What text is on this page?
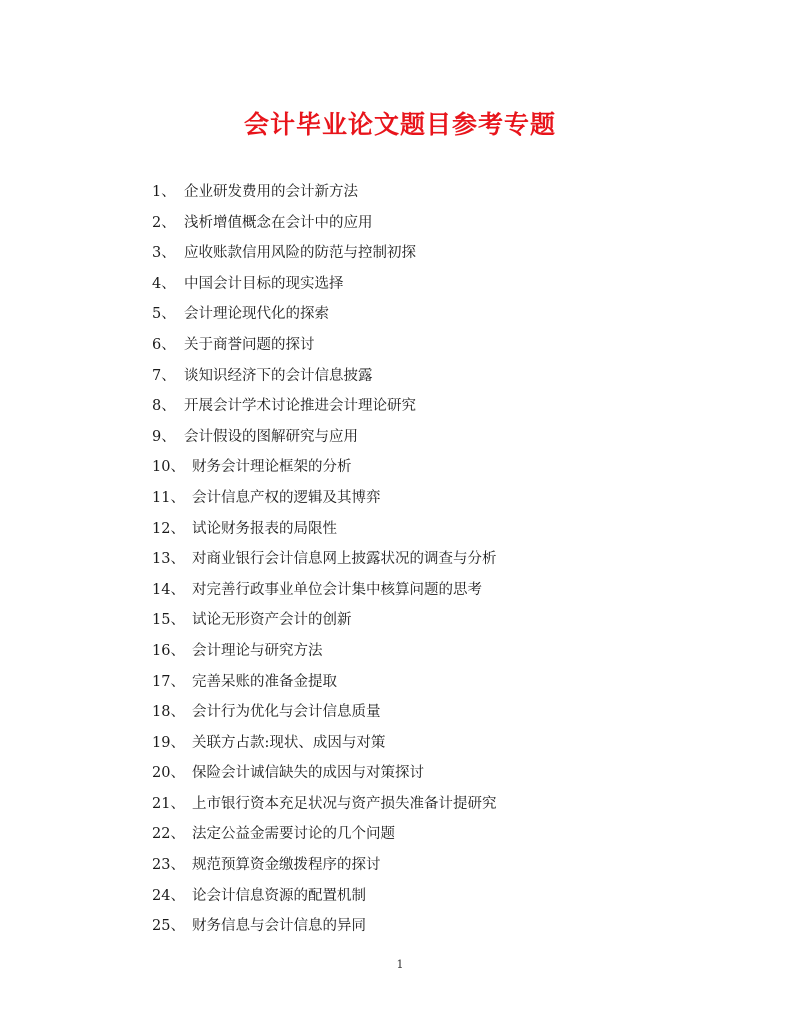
会计毕业论文题目参考专题
1、 企业研发费用的会计新方法
2、 浅析增值概念在会计中的应用
3、 应收账款信用风险的防范与控制初探
4、 中国会计目标的现实选择
5、 会计理论现代化的探索
6、 关于商誉问题的探讨
7、 谈知识经济下的会计信息披露
8、 开展会计学术讨论推进会计理论研究
9、 会计假设的图解研究与应用
10、 财务会计理论框架的分析
11、 会计信息产权的逻辑及其博弈
12、 试论财务报表的局限性
13、 对商业银行会计信息网上披露状况的调查与分析
14、 对完善行政事业单位会计集中核算问题的思考
15、 试论无形资产会计的创新
16、 会计理论与研究方法
17、 完善呆账的准备金提取
18、 会计行为优化与会计信息质量
19、 关联方占款:现状、成因与对策
20、 保险会计诚信缺失的成因与对策探讨
21、 上市银行资本充足状况与资产损失准备计提研究
22、 法定公益金需要讨论的几个问题
23、 规范预算资金缴拨程序的探讨
24、 论会计信息资源的配置机制
25、 财务信息与会计信息的异同
1
